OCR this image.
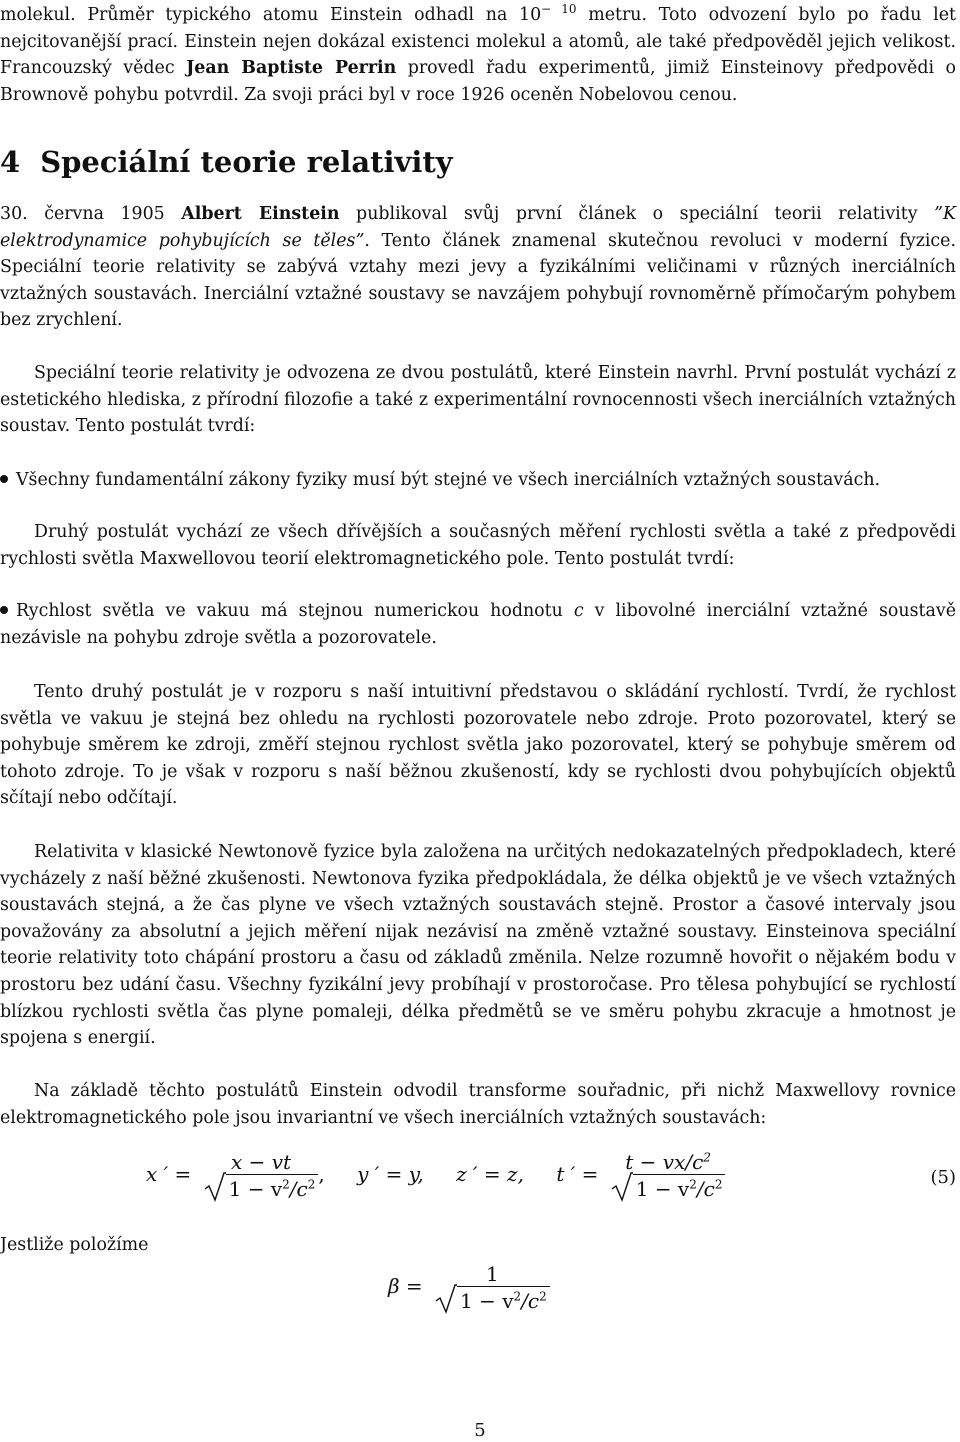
molekul. Průměr typického atomu Einstein odhadl na $10^{- 10}$ metru. Toto odvození bylo po řadu let nejcitovanější prací. Einstein nejen dokázal existenci molekul a atomů, ale také předpověděl jejich velikost. Francouzský vědec Jean Baptiste Perrin provedl řadu experimentů, jimiž Einsteinovy předpovědi o Brownově pohybu potvrdil. Za svoji práci byl v roce 1926 oceněn Nobelovou cenou.

4 Speciální teorie relativity

30. června 1905 Albert Einstein publikoval svůj první článek o speciální teorii relativity ”K elektrodynamice pohybujících se těles”. Tento článek znamenal skutečnou revoluci v moderní fyzice. Speciální teorie relativity se zabývá vztahy mezi jevy a fyzikálními veličinami v různých inerciálních vztažných soustavách. Inerciální vztažné soustavy se navzájem pohybují rovnoměrně přímočarým pohybem bez zrychlení.

Speciální teorie relativity je odvozena ze dvou postulátů, které Einstein navrhl. První postulát vychází z estetického hlediska, z přírodní filozofie a také z experimentální rovnocennosti všech inerciálních vztažných soustav. Tento postulát tvrdí:

Všechny fundamentální zákony fyziky musí být stejné ve všech inerciálních vztažných soustavách.

Druhý postulát vychází ze všech dřívějších a současných měření rychlosti světla a také z předpovědi rychlosti světla Maxwellovou teorií elektromagnetického pole. Tento postulát tvrdí:

Rychlost světla ve vakuu má stejnou numerickou hodnotu c v libovolné inerciální vztažné soustavě nezávisle na pohybu zdroje světla a pozorovatele.

Tento druhý postulát je v rozporu s naší intuitivní představou o skládání rychlostí. Tvrdí, že rychlost světla ve vakuu je stejná bez ohledu na rychlosti pozorovatele nebo zdroje. Proto pozorovatel, který se pohybuje směrem ke zdroji, změří stejnou rychlost světla jako pozorovatel, který se pohybuje směrem od tohoto zdroje. To je však v rozporu s naší běžnou zkušeností, kdy se rychlosti dvou pohybujících objektů sčítají nebo odčítají.

Relativita v klasické Newtonově fyzice byla založena na určitých nedokazatelných předpokladech, které vycházely z naší běžné zkušenosti. Newtonova fyzika předpokládala, že délka objektů je ve všech vztažných soustavách stejná, a že čas plyne ve všech vztažných soustavách stejně. Prostor a časové intervaly jsou považovány za absolutní a jejich měření nijak nezávisí na změně vztažné soustavy. Einsteinova speciální teorie relativity toto chápání prostoru a času od základů změnila. Nelze rozumně hovořit o nějakém bodu v prostoru bez udání času. Všechny fyzikální jevy probíhají v prostoročase. Pro tělesa pohybující se rychlostí blízkou rychlosti světla čas plyne pomaleji, délka předmětů se ve směru pohybu zkracuje a hmotnost je spojena s energií.

Na základě těchto postulátů Einstein odvodil transforme souřadnic, při nichž Maxwellovy rovnice elektromagnetického pole jsou invariantní ve všech inerciálních vztažných soustavách:

x ′ =	x − vt
$1 - v^2/c^2$ , y ′ = y, z ′ = z, t ′ =	$t - vx/c^2$
$1 - v^2/c^2$	(5)

Jestliže položíme

β =	1
$1 - v^2/c^2$
5
